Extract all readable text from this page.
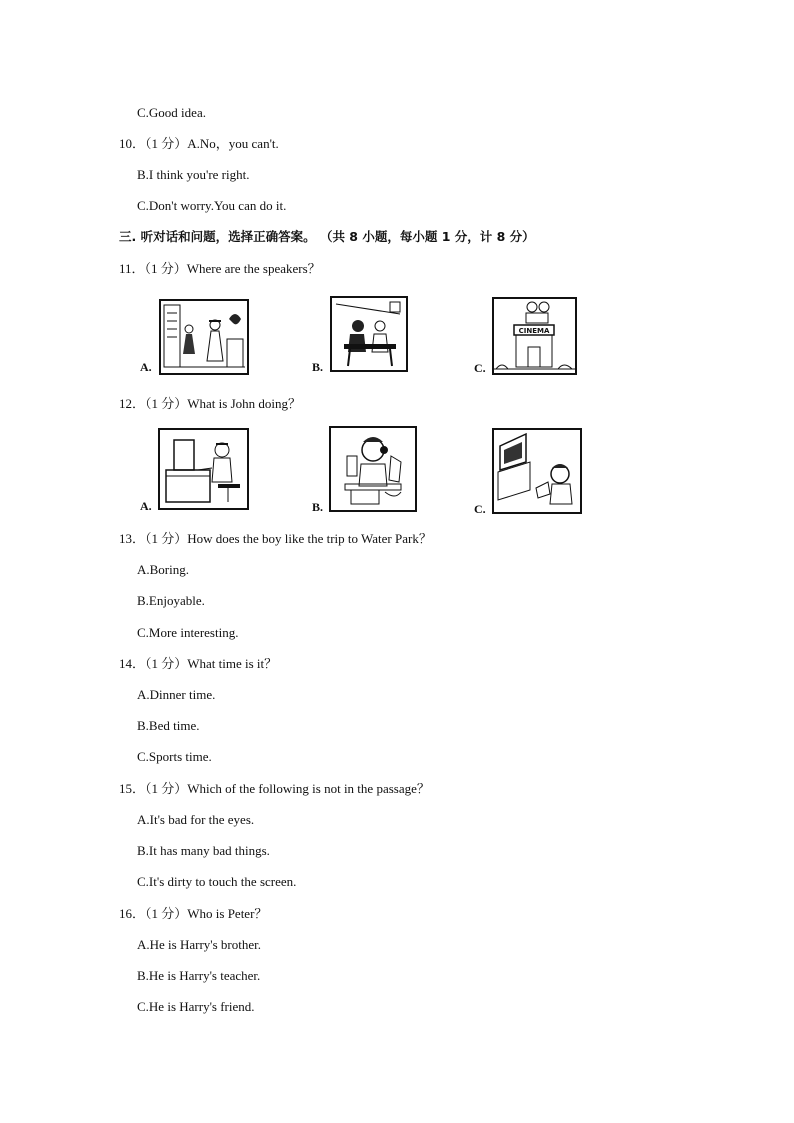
C.Good idea.
10．（1 分）A.No，you can't.
B.I think you're right.
C.Don't worry.You can do it.
三. 听对话和问题，选择正确答案。 （共 8 小题，每小题 1 分，计 8 分）
11．（1 分）Where are the speakers？
A.	B.	C.
CINEMA
12．（1 分）What is John doing？
A.	B.	C.
13．（1 分）How does the boy like the trip to Water Park？
A.Boring.
B.Enjoyable.
C.More interesting.
14．（1 分）What time is it？
A.Dinner time.
B.Bed time.
C.Sports time.
15．（1 分）Which of the following is not in the passage？
A.It's bad for the eyes.
B.It has many bad things.
C.It's dirty to touch the screen.
16．（1 分）Who is Peter？
A.He is Harry's brother.
B.He is Harry's teacher.
C.He is Harry's friend.
